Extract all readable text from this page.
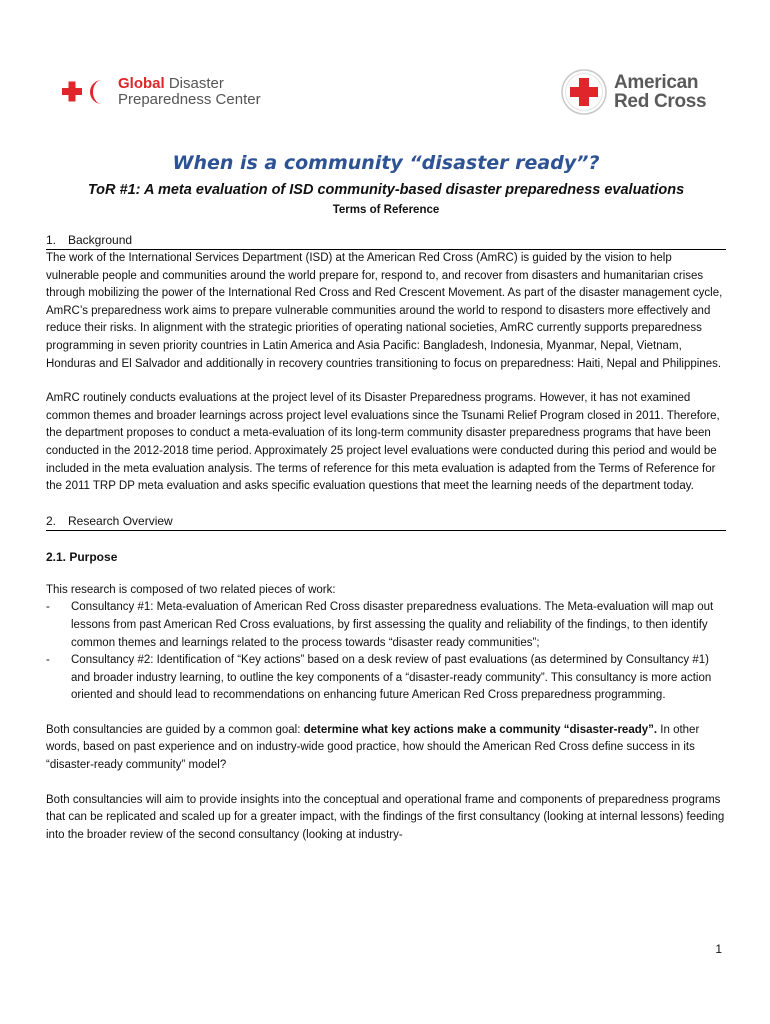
Global Disaster
Preparedness Center
American
Red Cross
When is a community “disaster ready”?
ToR #1: A meta evaluation of ISD community-based disaster preparedness evaluations
Terms of Reference
1. Background

The work of the International Services Department (ISD) at the American Red Cross (AmRC) is guided by the vision to help vulnerable people and communities around the world prepare for, respond to, and recover from disasters and humanitarian crises through mobilizing the power of the International Red Cross and Red Crescent Movement. As part of the disaster management cycle, AmRC’s preparedness work aims to prepare vulnerable communities around the world to respond to disasters more effectively and reduce their risks. In alignment with the strategic priorities of operating national societies, AmRC currently supports preparedness programming in seven priority countries in Latin America and Asia Pacific: Bangladesh, Indonesia, Myanmar, Nepal, Vietnam, Honduras and El Salvador and additionally in recovery countries transitioning to focus on preparedness: Haiti, Nepal and Philippines.

AmRC routinely conducts evaluations at the project level of its Disaster Preparedness programs. However, it has not examined common themes and broader learnings across project level evaluations since the Tsunami Relief Program closed in 2011. Therefore, the department proposes to conduct a meta-evaluation of its long-term community disaster preparedness programs that have been conducted in the 2012-2018 time period. Approximately 25 project level evaluations were conducted during this period and would be included in the meta evaluation analysis. The terms of reference for this meta evaluation is adapted from the Terms of Reference for the 2011 TRP DP meta evaluation and asks specific evaluation questions that meet the learning needs of the department today.

2. Research Overview
2.1. Purpose

This research is composed of two related pieces of work:

-	Consultancy #1: Meta-evaluation of American Red Cross disaster preparedness evaluations. The Meta-evaluation will map out lessons from past American Red Cross evaluations, by first assessing the quality and reliability of the findings, to then identify common themes and learnings related to the process towards “disaster ready communities”;
-	Consultancy #2: Identification of “Key actions” based on a desk review of past evaluations (as determined by Consultancy #1) and broader industry learning, to outline the key components of a “disaster-ready community”. This consultancy is more action oriented and should lead to recommendations on enhancing future American Red Cross preparedness programming.

Both consultancies are guided by a common goal: determine what key actions make a community “disaster-ready”. In other words, based on past experience and on industry-wide good practice, how should the American Red Cross define success in its “disaster-ready community” model?

Both consultancies will aim to provide insights into the conceptual and operational frame and components of preparedness programs that can be replicated and scaled up for a greater impact, with the findings of the first consultancy (looking at internal lessons) feeding into the broader review of the second consultancy (looking at industry-

1
